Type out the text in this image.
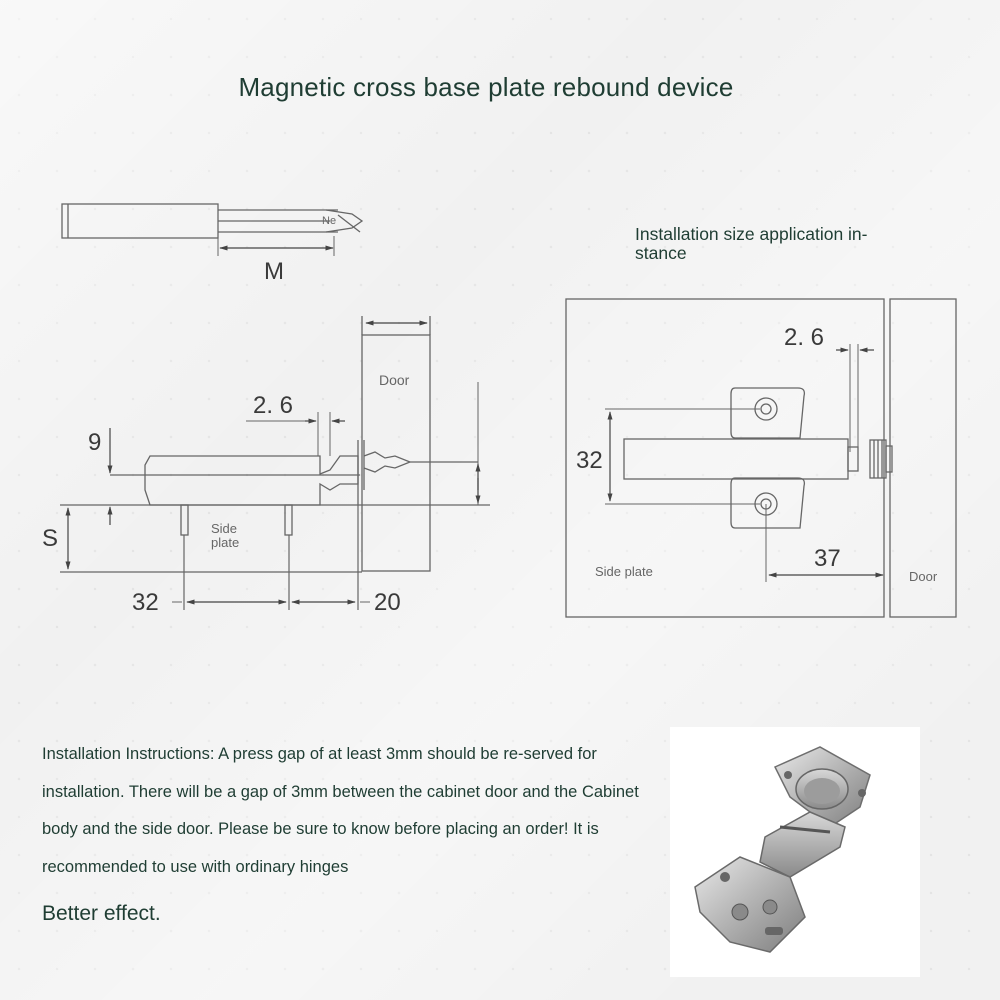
Magnetic cross base plate rebound device
Installation size application in-stance
Ne
M
Door
Side plate
2. 6
9
S
32	20
Side plate	Door
2. 6
32
37
Installation Instructions: A press gap of at least 3mm should be re-served for installation. There will be a gap of 3mm between the cabinet door and the Cabinet body and the side door. Please be sure to know before placing an order! It is recommended to use with ordinary hinges
Better effect.
